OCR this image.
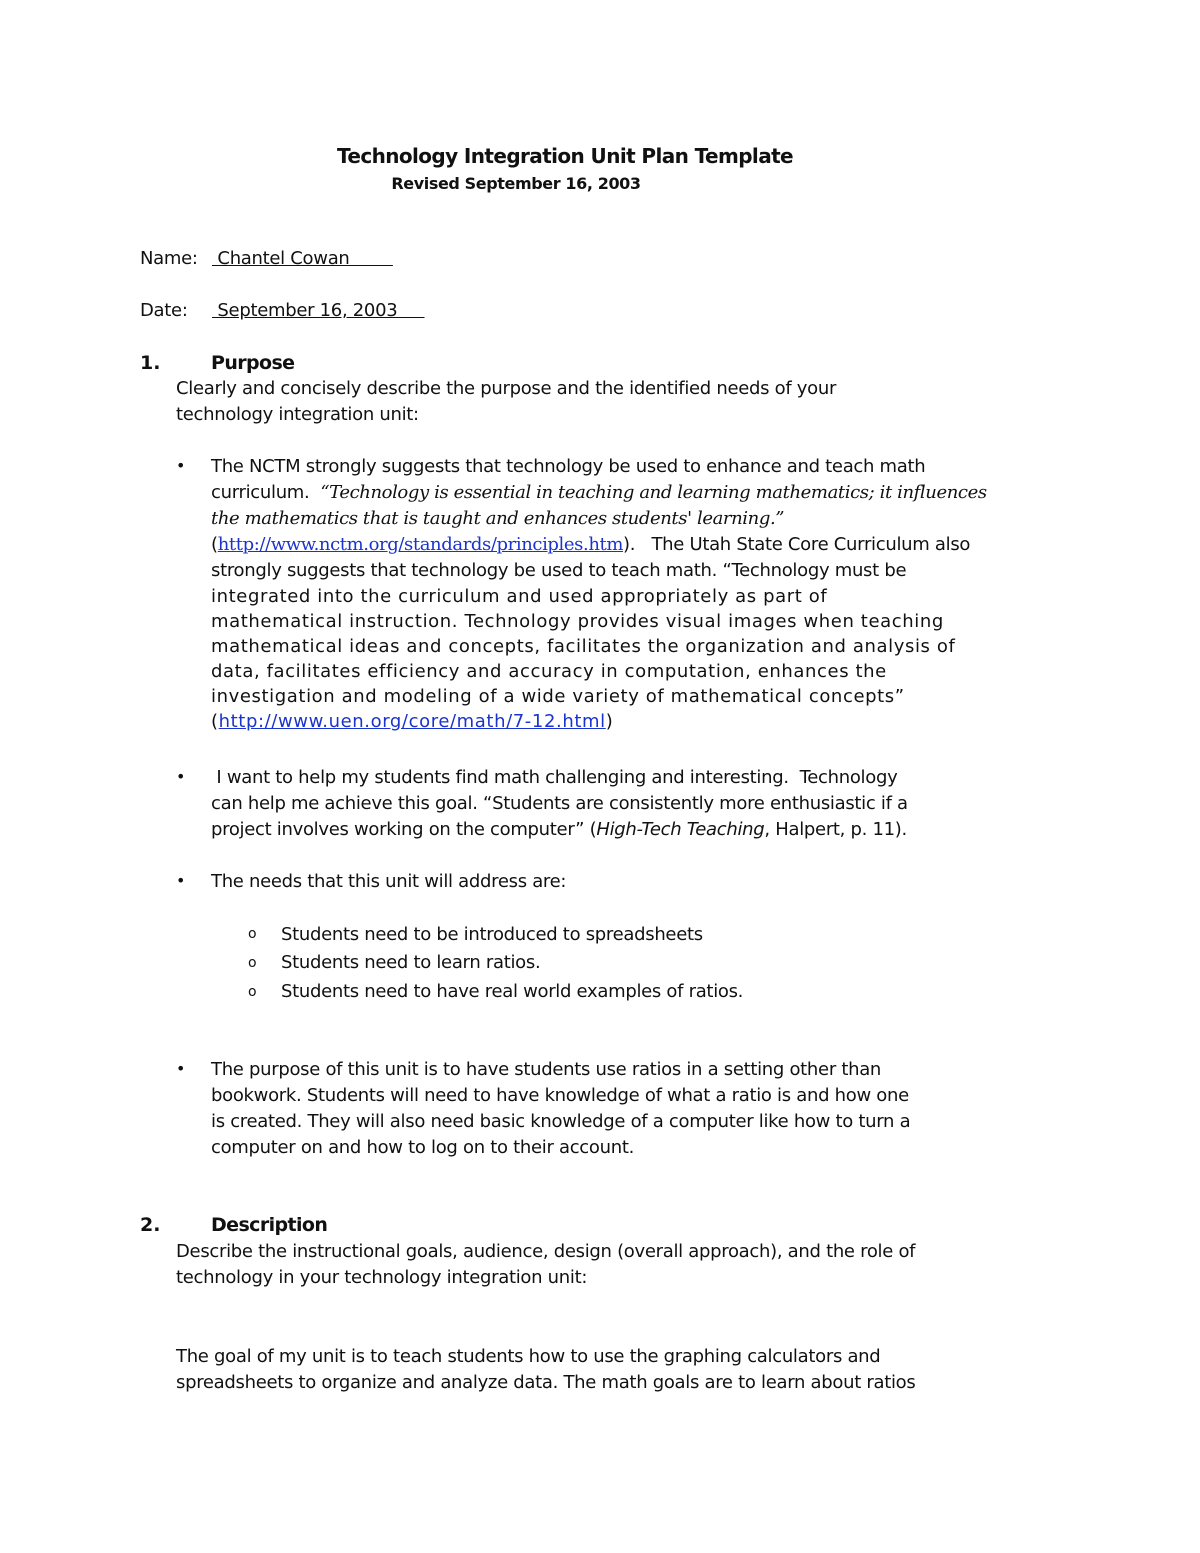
Technology Integration Unit Plan Template
Revised September 16, 2003
Name: Chantel Cowan
Date: September 16, 2003
1.	Purpose
Clearly and concisely describe the purpose and the identified needs of your
technology integration unit:
• The NCTM strongly suggests that technology be used to enhance and teach math
curriculum.  “Technology is essential in teaching and learning mathematics; it influences
the mathematics that is taught and enhances students' learning.”
(http://www.nctm.org/standards/principles.htm).   The Utah State Core Curriculum also
strongly suggests that technology be used to teach math. “Technology must be
integrated into the curriculum and used appropriately as part of
mathematical instruction. Technology provides visual images when teaching
mathematical ideas and concepts, facilitates the organization and analysis of
data, facilitates efficiency and accuracy in computation, enhances the
investigation and modeling of a wide variety of mathematical concepts”
(http://www.uen.org/core/math/7-12.html)
• I want to help my students find math challenging and interesting.  Technology
can help me achieve this goal. “Students are consistently more enthusiastic if a
project involves working on the computer” (High-Tech Teaching, Halpert, p. 11).
• The needs that this unit will address are:
o Students need to be introduced to spreadsheets
o Students need to learn ratios.
o Students need to have real world examples of ratios.
• The purpose of this unit is to have students use ratios in a setting other than
bookwork. Students will need to have knowledge of what a ratio is and how one
is created. They will also need basic knowledge of a computer like how to turn a
computer on and how to log on to their account.
2.	Description
Describe the instructional goals, audience, design (overall approach), and the role of
technology in your technology integration unit:
The goal of my unit is to teach students how to use the graphing calculators and
spreadsheets to organize and analyze data. The math goals are to learn about ratios
